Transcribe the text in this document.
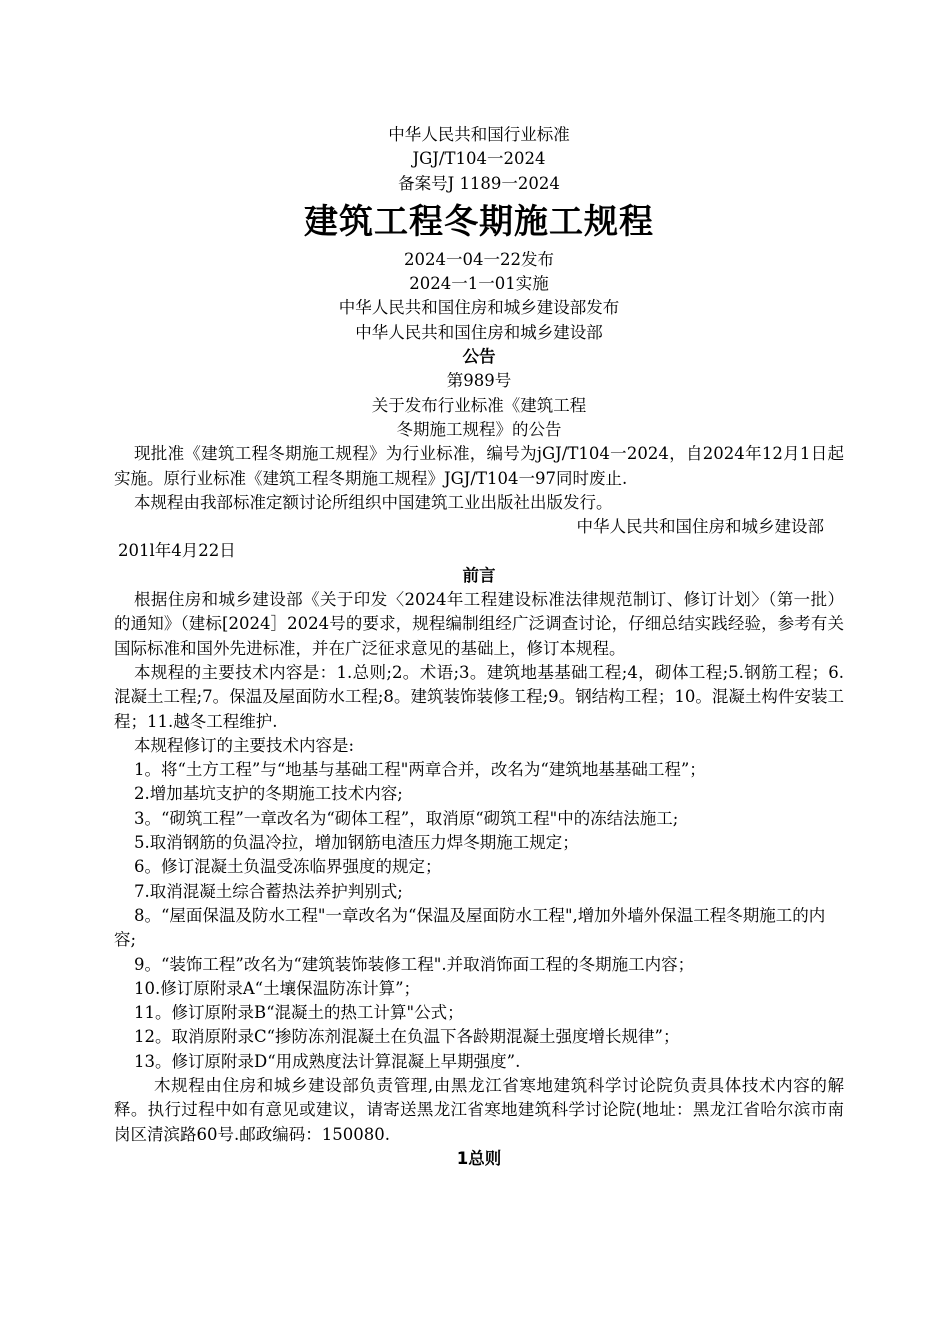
中华人民共和国行业标准

JGJ/T104一2024

备案号J 1189一2024

建筑工程冬期施工规程

2024一04一22发布

2024一1一01实施

中华人民共和国住房和城乡建设部发布

中华人民共和国住房和城乡建设部

公告

第989号

关于发布行业标准《建筑工程

冬期施工规程》的公告

现批准《建筑工程冬期施工规程》为行业标准，编号为jGJ/T104一2024，自2024年12月1日起实施。原行业标准《建筑工程冬期施工规程》JGJ/T104一97同时废止.

本规程由我部标准定额讨论所组织中国建筑工业出版社出版发行。

中华人民共和国住房和城乡建设部

201l年4月22日

前言

根据住房和城乡建设部《关于印发〈2024年工程建设标准法律规范制订、修订计划〉（第一批）的通知》（建标[2024］2024号的要求，规程编制组经广泛调查讨论，仔细总结实践经验，参考有关国际标准和国外先进标准，并在广泛征求意见的基础上，修订本规程。

本规程的主要技术内容是：1.总则;2。术语;3。建筑地基基础工程;4，砌体工程;5.钢筋工程；6.混凝土工程;7。保温及屋面防水工程;8。建筑装饰装修工程;9。钢结构工程；10。混凝土构件安装工程；11.越冬工程维护.

本规程修订的主要技术内容是:

1。将“土方工程”与“地基与基础工程"两章合并，改名为“建筑地基基础工程”；

2.增加基坑支护的冬期施工技术内容;

3。“砌筑工程”一章改名为“砌体工程”，取消原“砌筑工程"中的冻结法施工;

5.取消钢筋的负温冷拉，增加钢筋电渣压力焊冬期施工规定；

6。修订混凝土负温受冻临界强度的规定；

7.取消混凝土综合蓄热法养护判别式;

8。“屋面保温及防水工程"一章改名为“保温及屋面防水工程",增加外墙外保温工程冬期施工的内容;

9。“装饰工程”改名为“建筑装饰装修工程".并取消饰面工程的冬期施工内容；

10.修订原附录A“土壤保温防冻计算”；

11。修订原附录B“混凝土的热工计算"公式；

12。取消原附录C“掺防冻剂混凝土在负温下各龄期混凝土强度增长规律”；

13。修订原附录D“用成熟度法计算混凝上早期强度”.

木规程由住房和城乡建设部负责管理,由黑龙江省寒地建筑科学讨论院负责具体技术内容的解释。执行过程中如有意见或建议，请寄送黑龙江省寒地建筑科学讨论院(地址：黑龙江省哈尔滨市南岗区清滨路60号.邮政编码：150080.

1总则
